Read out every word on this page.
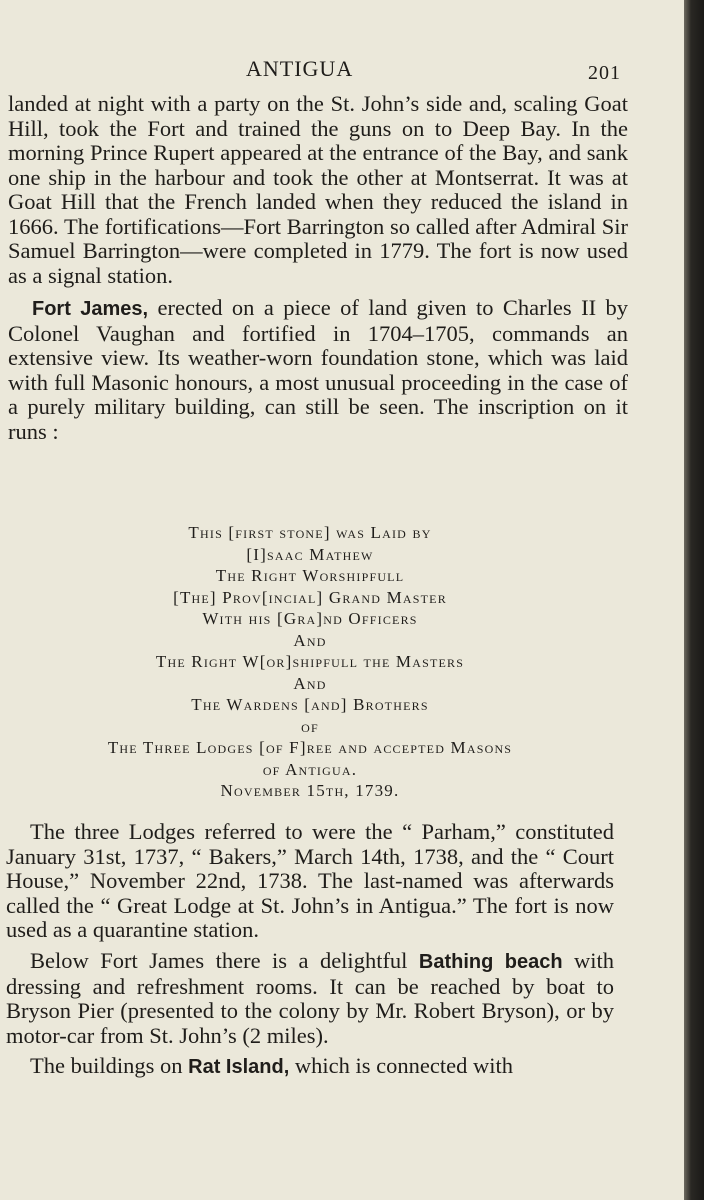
ANTIGUA	201

landed at night with a party on the St. John’s side and, scaling Goat Hill, took the Fort and trained the guns on to Deep Bay. In the morning Prince Rupert appeared at the entrance of the Bay, and sank one ship in the harbour and took the other at Montserrat. It was at Goat Hill that the French landed when they reduced the island in 1666. The fortifications—Fort Barrington so called after Admiral Sir Samuel Barrington—were completed in 1779. The fort is now used as a signal station.

Fort James, erected on a piece of land given to Charles II by Colonel Vaughan and fortified in 1704–1705, commands an extensive view. Its weather-worn foundation stone, which was laid with full Masonic honours, a most unusual proceeding in the case of a purely military building, can still be seen. The inscription on it runs :

This [first stone] was Laid by
[I]saac Mathew
The Right Worshipfull
[The] Prov[incial] Grand Master
With his [Gra]nd Officers
And
The Right W[or]shipfull the Masters
And
The Wardens [and] Brothers
of
The Three Lodges [of F]ree and accepted Masons
of Antigua.
November 15th, 1739.

The three Lodges referred to were the “ Parham,” constituted January 31st, 1737, “ Bakers,” March 14th, 1738, and the “ Court House,” November 22nd, 1738. The last-named was afterwards called the “ Great Lodge at St. John’s in Antigua.” The fort is now used as a quarantine station.

Below Fort James there is a delightful Bathing beach with dressing and refreshment rooms. It can be reached by boat to Bryson Pier (presented to the colony by Mr. Robert Bryson), or by motor-car from St. John’s (2 miles).

The buildings on Rat Island, which is connected with
